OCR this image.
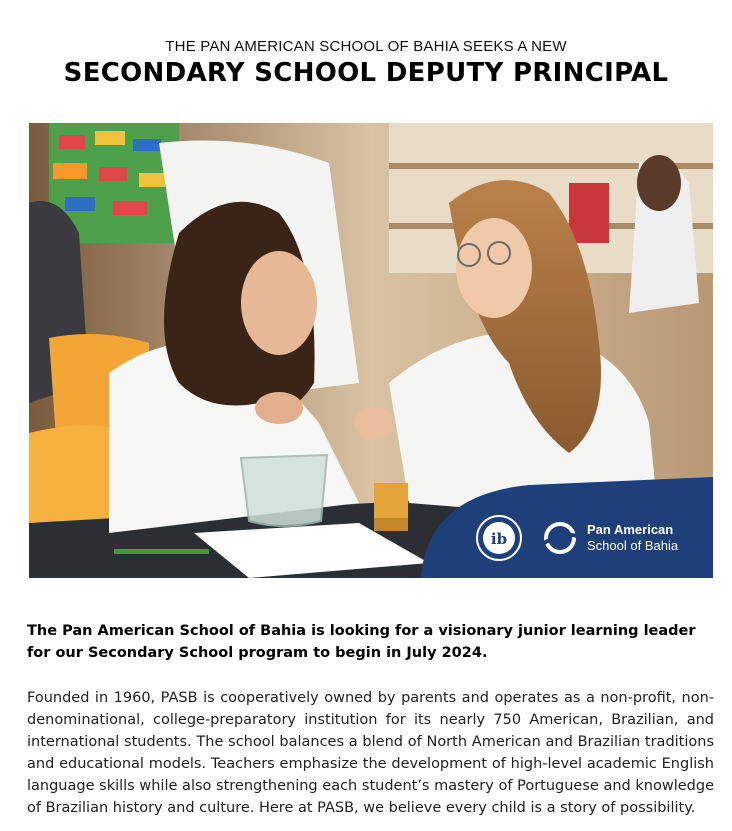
THE PAN AMERICAN SCHOOL OF BAHIA SEEKS A NEW
SECONDARY SCHOOL DEPUTY PRINCIPAL
ib
Pan American
School of Bahia

The Pan American School of Bahia is looking for a visionary junior learning leader for our Secondary School program to begin in July 2024.

Founded in 1960, PASB is cooperatively owned by parents and operates as a non-profit, non-denominational, college-preparatory institution for its nearly 750 American, Brazilian, and international students. The school balances a blend of North American and Brazilian traditions and educational models. Teachers emphasize the development of high-level academic English language skills while also strengthening each student’s mastery of Portuguese and knowledge of Brazilian history and culture. Here at PASB, we believe every child is a story of possibility.
